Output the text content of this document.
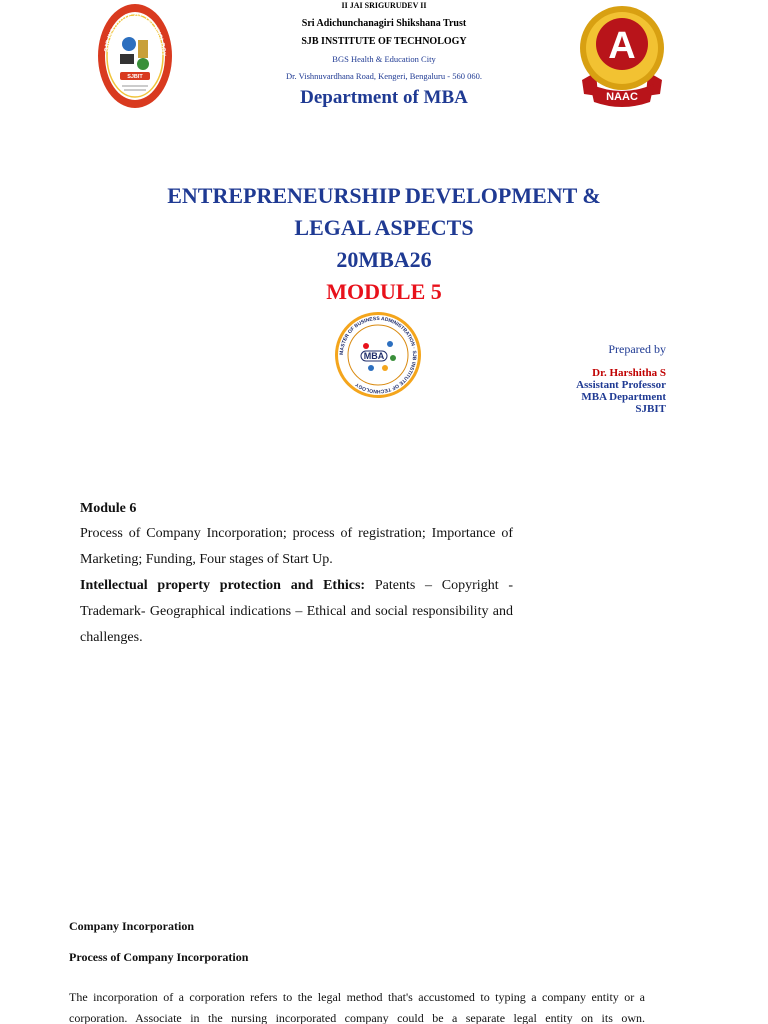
SJB INSTITUTE OF TECHNOLOGY
SJBIT
II JAI SRIGURUDEV II
Sri Adichunchanagiri Shikshana Trust
SJB INSTITUTE OF TECHNOLOGY
BGS Health & Education City
Dr. Vishnuvardhana Road, Kengeri, Bengaluru - 560 060.
Department of MBA
A
NAAC
ENTREPRENEURSHIP DEVELOPMENT &
LEGAL ASPECTS
20MBA26
MODULE 5
MASTER OF BUSINESS ADMINISTRATION · SJB INSTITUTE OF TECHNOLOGY
MBA	Prepared by
Dr. Harshitha S
Assistant Professor
MBA Department
SJBIT
Module 6

Process of Company Incorporation; process of registration; Importance of Marketing; Funding, Four stages of Start Up.

Intellectual property protection and Ethics: Patents – Copyright - Trademark- Geographical indications – Ethical and social responsibility and challenges.

Company Incorporation
Process of Company Incorporation

The incorporation of a corporation refers to the legal method that's accustomed to typing a company entity or a corporation. Associate in the nursing incorporated company could be a separate legal entity on its own.
